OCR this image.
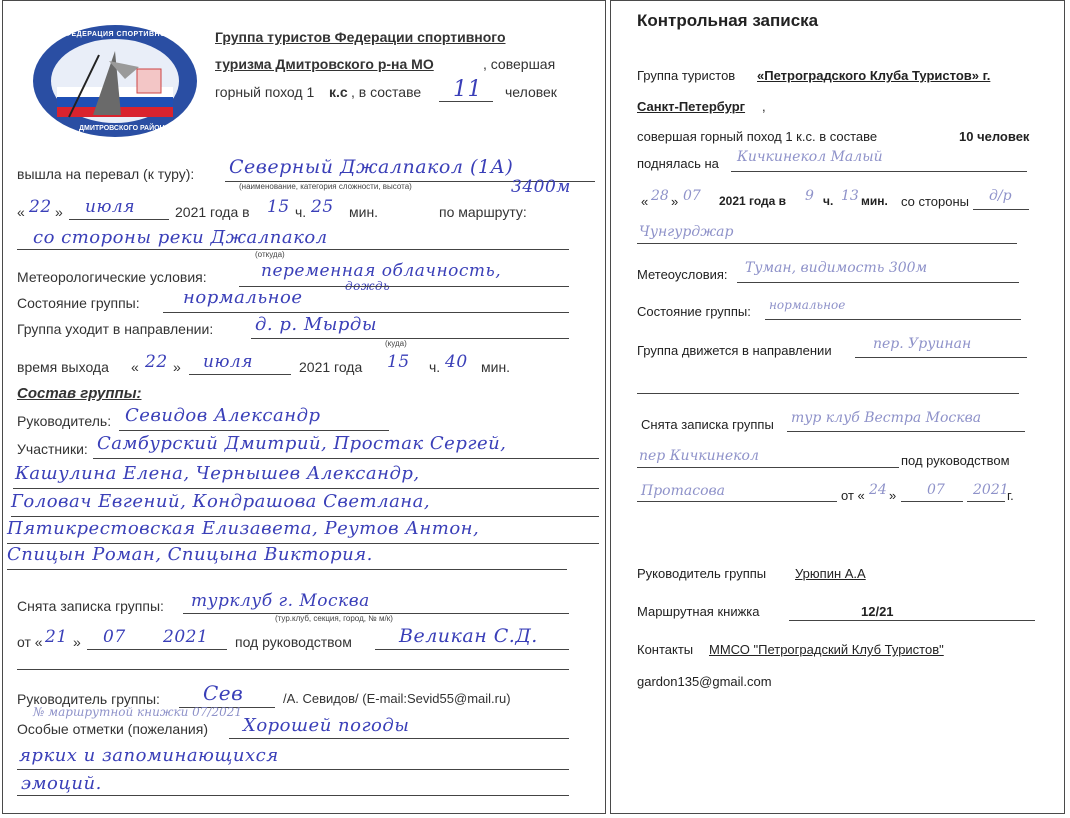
ФЕДЕРАЦИЯ СПОРТИВНОГО ТУРИЗМА
ДМИТРОВСКОГО РАЙОНА
Группа туристов Федерации спортивного
туризма Дмитровского р-на МО	, совершая
горный поход 1 к.с , в составе 11 человек
вышла на перевал (к туру): Северный Джалпакол (1А)
(наименование, категория сложности, высота)	3400м
« 22 » июля	2021 года в 15 ч. 25 мин.	по маршруту:
со стороны реки Джалпакол
(откуда)
Метеорологические условия:	переменная облачность,
дождь
Состояние группы: нормальное
Группа уходит в направлении: д. р. Мырды
(куда)
время выхода « 22 » июля	2021 года 15 ч. 40 мин.
Состав группы:
Руководитель: Севидов Александр
Участники: Самбурский Дмитрий, Простак Сергей,
Кашулина Елена, Чернышев Александр,
Головач Евгений, Кондрашова Светлана,
Пятикрестовская Елизавета, Реутов Антон,
Спицын Роман, Спицына Виктория.
Снята записка группы: турклуб г. Москва
(тур.клуб, секция, город, № м/к)
от « 21 » 07 2021 под руководством Великан С.Д.
Руководитель группы: Сев	/А. Севидов/ (E-mail:Sevid55@mail.ru)
№ маршрутной книжки 07/2021
Особые отметки (пожелания) Хорошей погоды
ярких и запоминающихся
эмоций.
Контрольная записка
Группа туристов «Петроградского Клуба Туристов» г.
Санкт-Петербург ,
совершая горный поход 1 к.с. в составе	10 человек
поднялась на Кичкинекол Малый
« 28 » 07 2021 года в 9 ч. 13 мин. со стороны д/р
Чунгурджар
Метеоусловия: Туман, видимость 300м
Состояние группы: нормальное
Группа движется в направлении	пер. Уруинан
Снята записка группы тур клуб Вестра Москва
пер Кичкинекол	под руководством
Протасова	от « 24 » 07 2021
г.
Руководитель группы Урюпин А.А
Маршрутная книжка	12/21
Контакты ММСО "Петроградский Клуб Туристов"
gardon135@gmail.com
